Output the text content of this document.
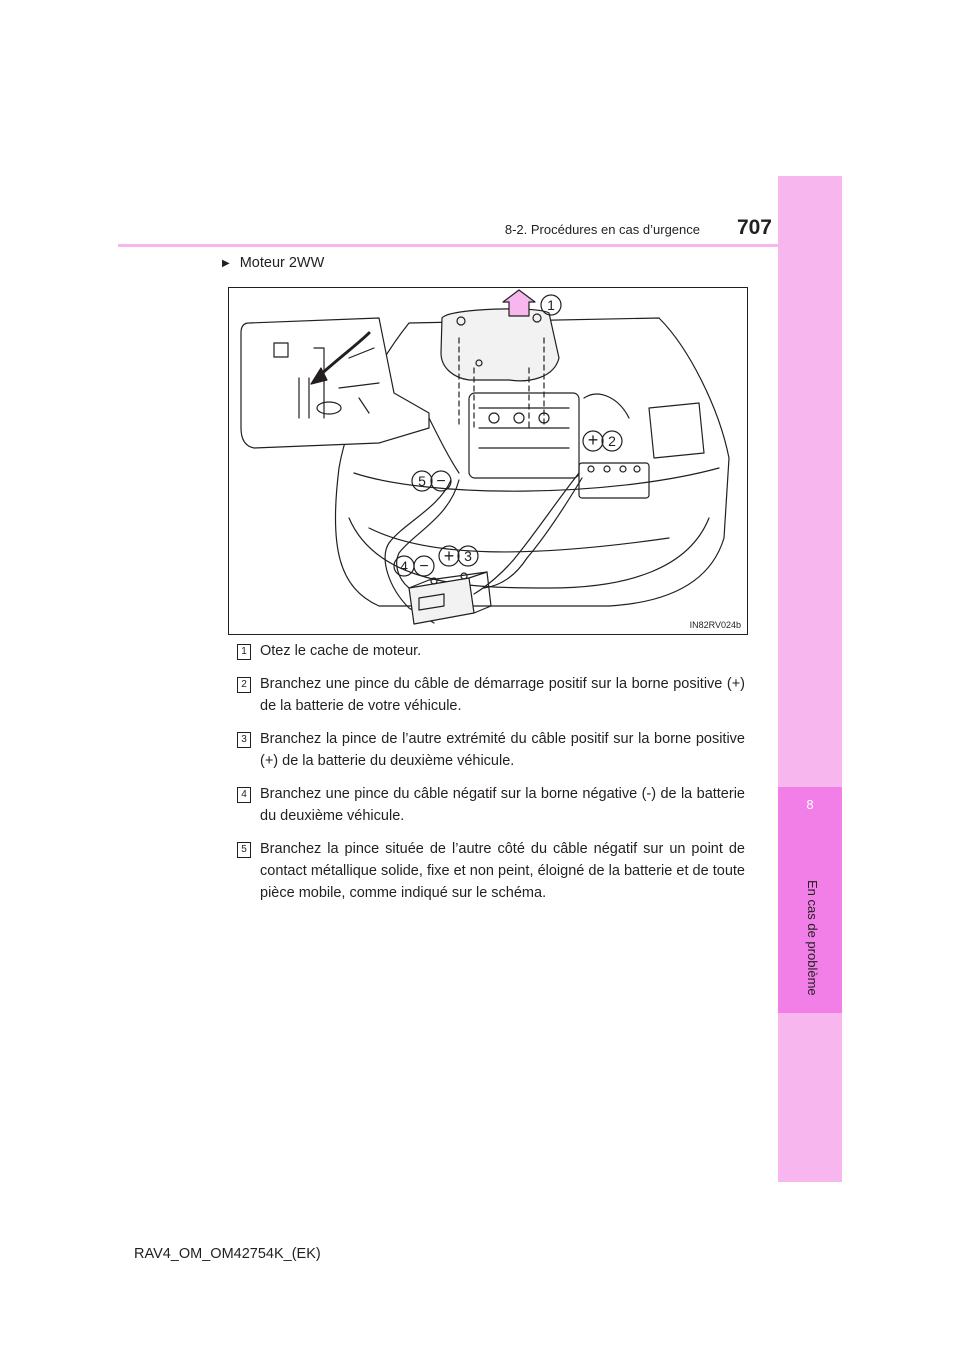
8
En cas de problème
8-2. Procédures en cas d’urgence	707
▶ Moteur 2WW
1
2
3
4
5
+
+
−
−
IN82RV024b
1 Otez le cache de moteur.
2 Branchez une pince du câble de démarrage positif sur la borne positive (+) de la batterie de votre véhicule.
3 Branchez la pince de l’autre extrémité du câble positif sur la borne positive (+) de la batterie du deuxième véhicule.
4 Branchez une pince du câble négatif sur la borne négative (-) de la batterie du deuxième véhicule.
5 Branchez la pince située de l’autre côté du câble négatif sur un point de contact métallique solide, fixe et non peint, éloigné de la batterie et de toute pièce mobile, comme indiqué sur le schéma.
RAV4_OM_OM42754K_(EK)
